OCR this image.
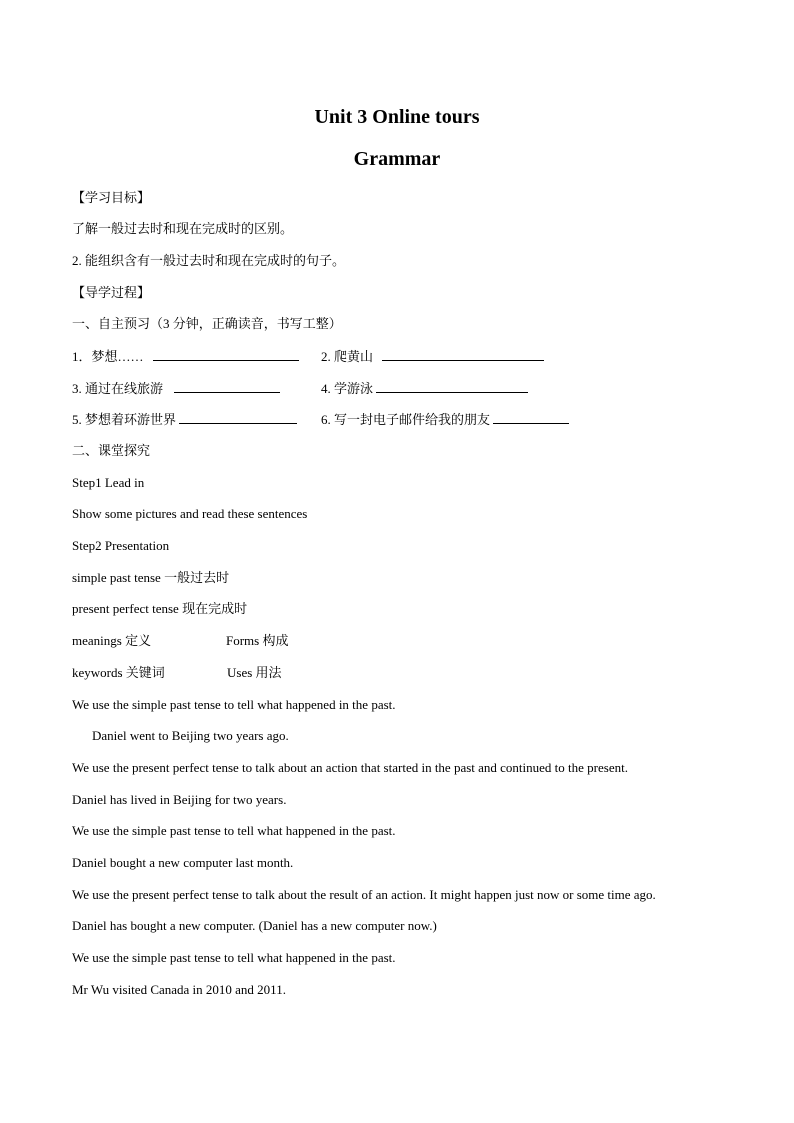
Unit 3 Online tours
Grammar
【学习目标】
了解一般过去时和现在完成时的区别。
2. 能组织含有一般过去时和现在完成时的句子。
【导学过程】
一、自主预习（3 分钟，正确读音，书写工整）
1．梦想……	2. 爬黄山
3. 通过在线旅游	4. 学游泳
5. 梦想着环游世界	6. 写一封电子邮件给我的朋友
二、课堂探究
Step1 Lead in
Show some pictures and read these sentences
Step2 Presentation
simple past tense 一般过去时
present perfect tense 现在完成时
meanings 定义	Forms 构成
keywords 关键词	Uses 用法
We use the simple past tense to tell what happened in the past.
Daniel went to Beijing two years ago.
We use the present perfect tense to talk about an action that started in the past and continued to the present.
Daniel has lived in Beijing for two years.
We use the simple past tense to tell what happened in the past.
Daniel bought a new computer last month.
We use the present perfect tense to talk about the result of an action. It might happen just now or some time ago.
Daniel has bought a new computer. (Daniel has a new computer now.)
We use the simple past tense to tell what happened in the past.
Mr Wu visited Canada in 2010 and 2011.
